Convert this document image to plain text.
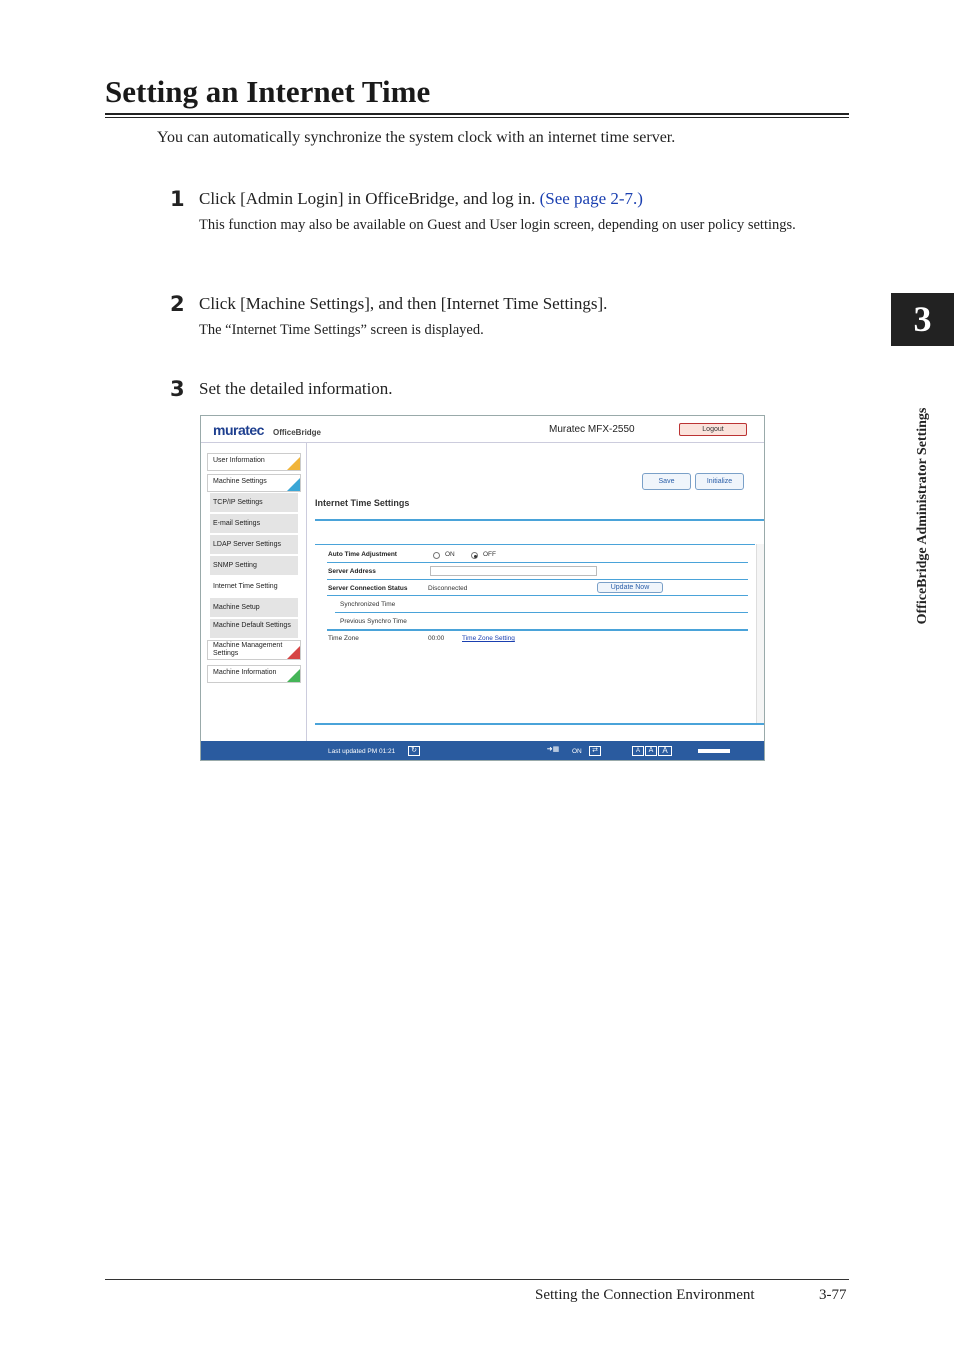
Setting an Internet Time
You can automatically synchronize the system clock with an internet time server.
1 Click [Admin Login] in OfficeBridge, and log in. (See page 2-7.)
This function may also be available on Guest and User login screen, depending on user policy settings.
2 Click [Machine Settings], and then [Internet Time Settings].
The “Internet Time Settings” screen is displayed.
3 Set the detailed information.
muratec OfficeBridge	Muratec MFX-2550	Logout
User Information
Machine Settings
TCP/IP Settings
E-mail Settings
LDAP Server Settings
SNMP Setting
Internet Time Setting
Machine Setup
Machine Default Settings
Machine Management Settings
Machine Information
Save	Initialize
Internet Time Settings
Auto Time Adjustment	ON	OFF
Server Address
Server Connection Status	Disconnected	Update Now
Synchronized Time
Previous Synchro Time
Time Zone	00:00	Time Zone Setting
Last updated PM 01:21	↻	➜▦	ON	⇄	A	A	A
3
OfficeBridge Administrator Settings
Setting the Connection Environment	3-77
